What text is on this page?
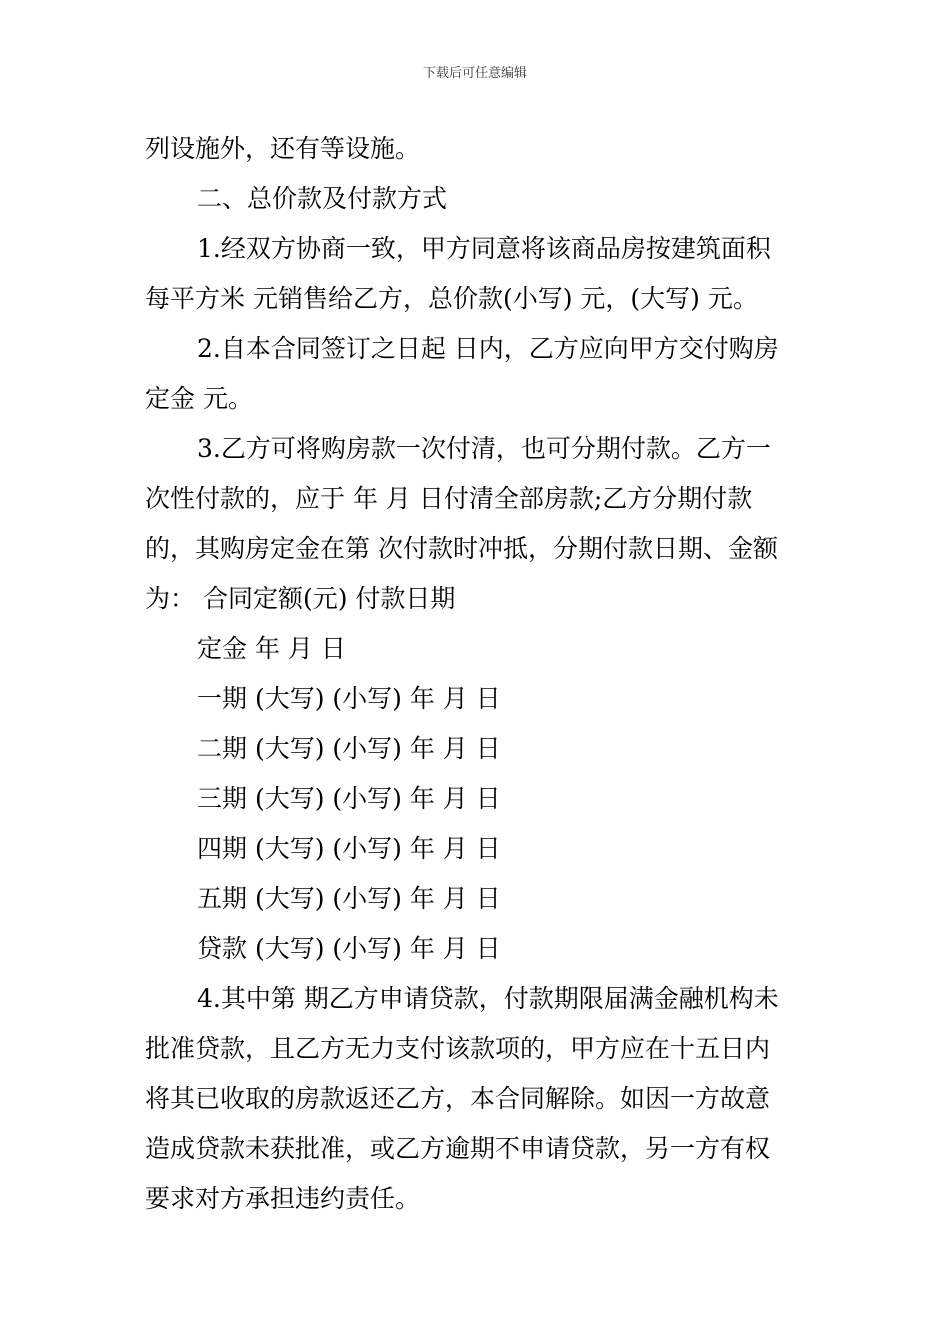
下载后可任意编辑
列设施外，还有等设施。
二、总价款及付款方式
1.经双方协商一致，甲方同意将该商品房按建筑面积
每平方米 元销售给乙方，总价款(小写) 元，(大写) 元。
2.自本合同签订之日起 日内，乙方应向甲方交付购房
定金 元。
3.乙方可将购房款一次付清，也可分期付款。乙方一
次性付款的，应于 年 月 日付清全部房款;乙方分期付款
的，其购房定金在第 次付款时冲抵，分期付款日期、金额
为： 合同定额(元) 付款日期
定金 年 月 日
一期 (大写) (小写) 年 月 日
二期 (大写) (小写) 年 月 日
三期 (大写) (小写) 年 月 日
四期 (大写) (小写) 年 月 日
五期 (大写) (小写) 年 月 日
贷款 (大写) (小写) 年 月 日
4.其中第 期乙方申请贷款，付款期限届满金融机构未
批准贷款，且乙方无力支付该款项的，甲方应在十五日内
将其已收取的房款返还乙方，本合同解除。如因一方故意
造成贷款未获批准，或乙方逾期不申请贷款，另一方有权
要求对方承担违约责任。
